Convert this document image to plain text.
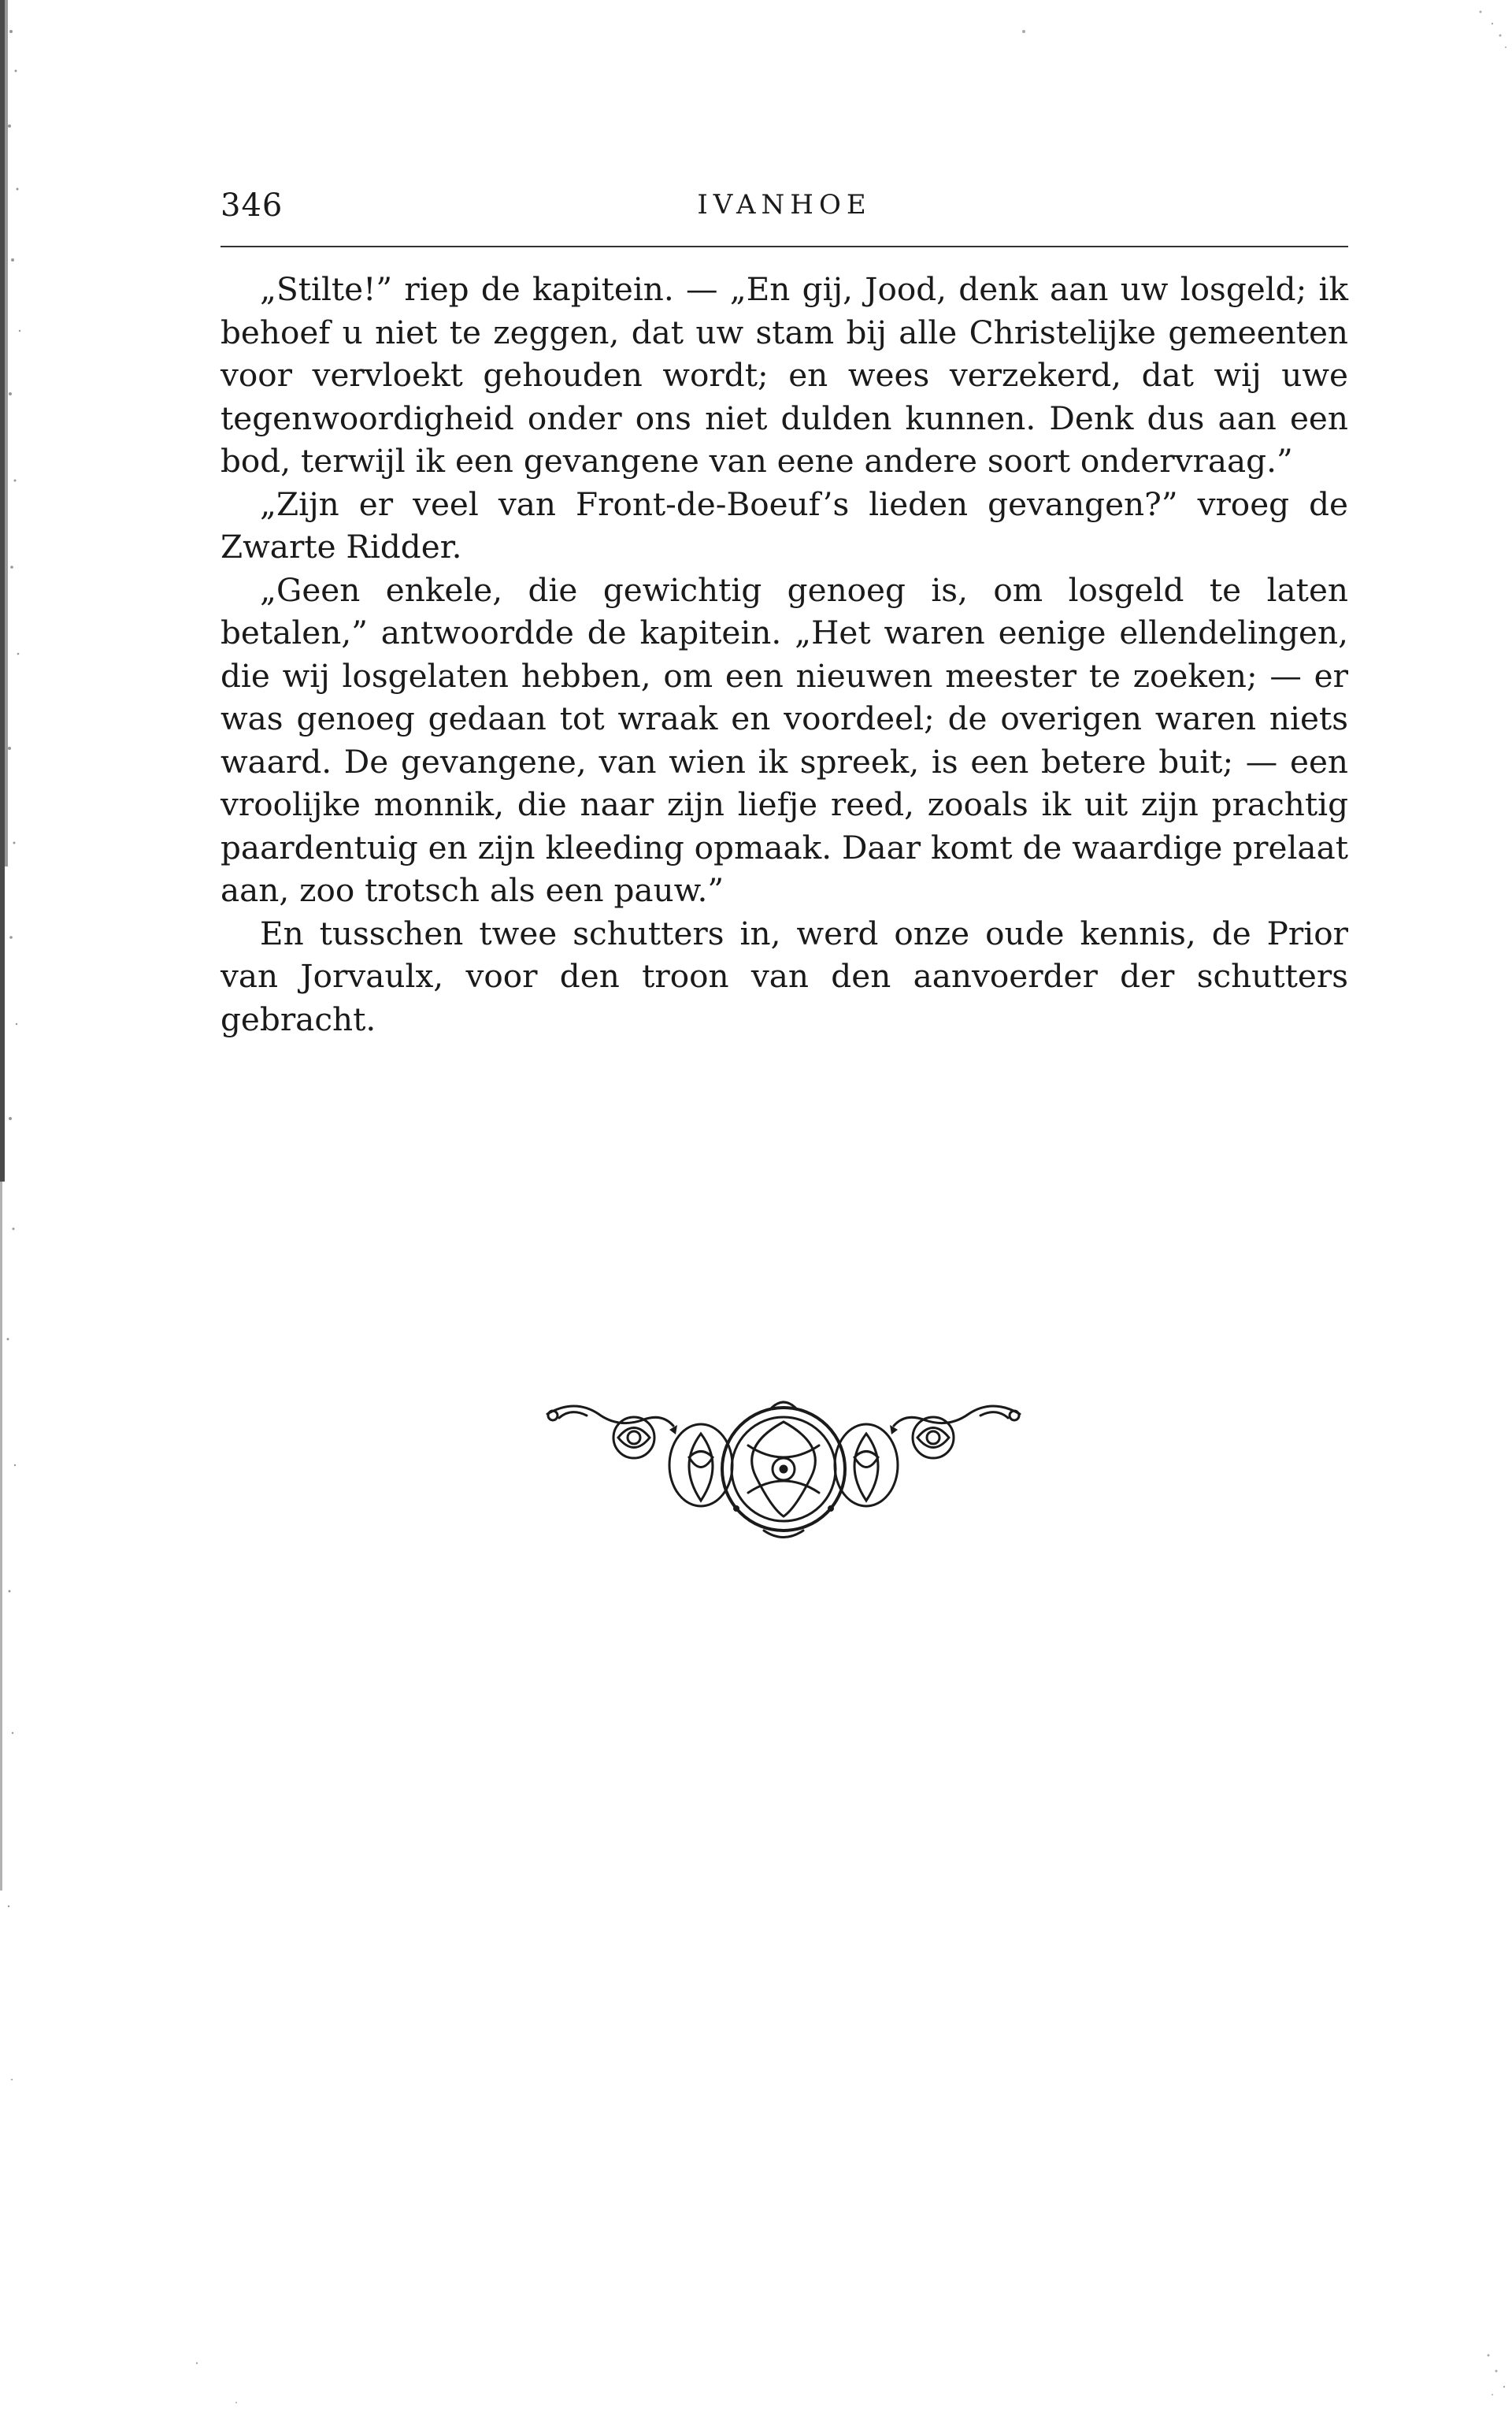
346	IVANHOE

„Stilte!” riep de kapitein. — „En gij, Jood, denk aan uw losgeld; ik behoef u niet te zeggen, dat uw stam bij alle Christelijke gemeenten voor vervloekt gehouden wordt; en wees verzekerd, dat wij uwe tegenwoordigheid onder ons niet dulden kunnen. Denk dus aan een bod, terwijl ik een gevangene van eene andere soort ondervraag.”

„Zijn er veel van Front-de-Boeuf’s lieden gevangen?” vroeg de Zwarte Ridder.

„Geen enkele, die gewichtig genoeg is, om losgeld te laten betalen,” antwoordde de kapitein. „Het waren eenige ellendelingen, die wij losgelaten hebben, om een nieuwen meester te zoeken; — er was genoeg gedaan tot wraak en voordeel; de overigen waren niets waard. De gevangene, van wien ik spreek, is een betere buit; — een vroolijke monnik, die naar zijn liefje reed, zooals ik uit zijn prachtig paardentuig en zijn kleeding opmaak. Daar komt de waardige prelaat aan, zoo trotsch als een pauw.”

En tusschen twee schutters in, werd onze oude kennis, de Prior van Jorvaulx, voor den troon van den aanvoerder der schutters gebracht.
